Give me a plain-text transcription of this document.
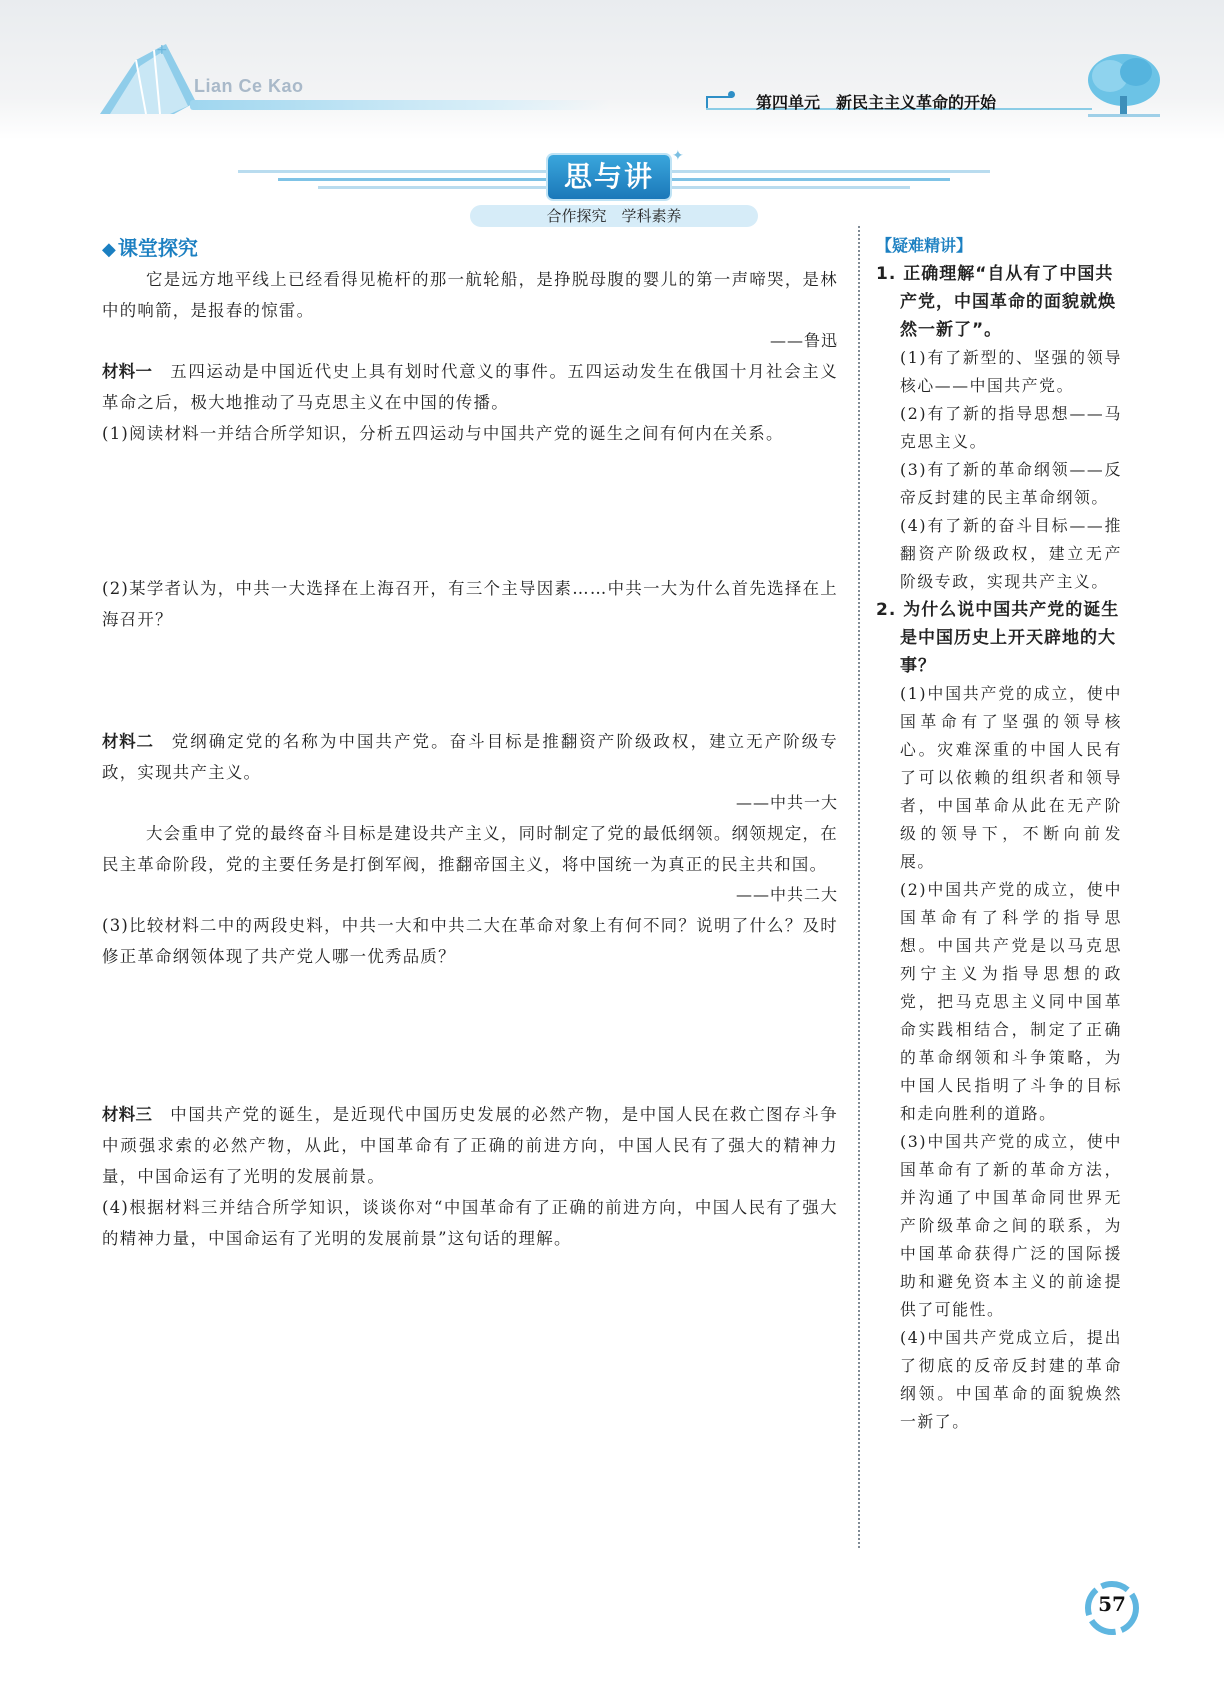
+
Lian Ce Kao
第四单元　新民主主义革命的开始
思与讲
✦
合作探究　学科素养
◆ 课堂探究

它是远方地平线上已经看得见桅杆的那一航轮船，是挣脱母腹的婴儿的第一声啼哭，是林中的响箭，是报春的惊雷。

——鲁迅

材料一 五四运动是中国近代史上具有划时代意义的事件。五四运动发生在俄国十月社会主义革命之后，极大地推动了马克思主义在中国的传播。

(1)阅读材料一并结合所学知识，分析五四运动与中国共产党的诞生之间有何内在关系。

(2)某学者认为，中共一大选择在上海召开，有三个主导因素……中共一大为什么首先选择在上海召开？

材料二 党纲确定党的名称为中国共产党。奋斗目标是推翻资产阶级政权，建立无产阶级专政，实现共产主义。

——中共一大

大会重申了党的最终奋斗目标是建设共产主义，同时制定了党的最低纲领。纲领规定，在民主革命阶段，党的主要任务是打倒军阀，推翻帝国主义，将中国统一为真正的民主共和国。

——中共二大

(3)比较材料二中的两段史料，中共一大和中共二大在革命对象上有何不同？说明了什么？及时修正革命纲领体现了共产党人哪一优秀品质？

材料三 中国共产党的诞生，是近现代中国历史发展的必然产物，是中国人民在救亡图存斗争中顽强求索的必然产物，从此，中国革命有了正确的前进方向，中国人民有了强大的精神力量，中国命运有了光明的发展前景。

(4)根据材料三并结合所学知识，谈谈你对“中国革命有了正确的前进方向，中国人民有了强大的精神力量，中国命运有了光明的发展前景”这句话的理解。

【疑难精讲】

1. 正确理解“自从有了中国共产党，中国革命的面貌就焕然一新了”。

(1)有了新型的、坚强的领导核心——中国共产党。

(2)有了新的指导思想——马克思主义。

(3)有了新的革命纲领——反帝反封建的民主革命纲领。

(4)有了新的奋斗目标——推翻资产阶级政权，建立无产阶级专政，实现共产主义。

2. 为什么说中国共产党的诞生是中国历史上开天辟地的大事？

(1)中国共产党的成立，使中国革命有了坚强的领导核心。灾难深重的中国人民有了可以依赖的组织者和领导者，中国革命从此在无产阶级的领导下，不断向前发展。

(2)中国共产党的成立，使中国革命有了科学的指导思想。中国共产党是以马克思列宁主义为指导思想的政党，把马克思主义同中国革命实践相结合，制定了正确的革命纲领和斗争策略，为中国人民指明了斗争的目标和走向胜利的道路。

(3)中国共产党的成立，使中国革命有了新的革命方法，并沟通了中国革命同世界无产阶级革命之间的联系，为中国革命获得广泛的国际援助和避免资本主义的前途提供了可能性。

(4)中国共产党成立后，提出了彻底的反帝反封建的革命纲领。中国革命的面貌焕然一新了。

57
